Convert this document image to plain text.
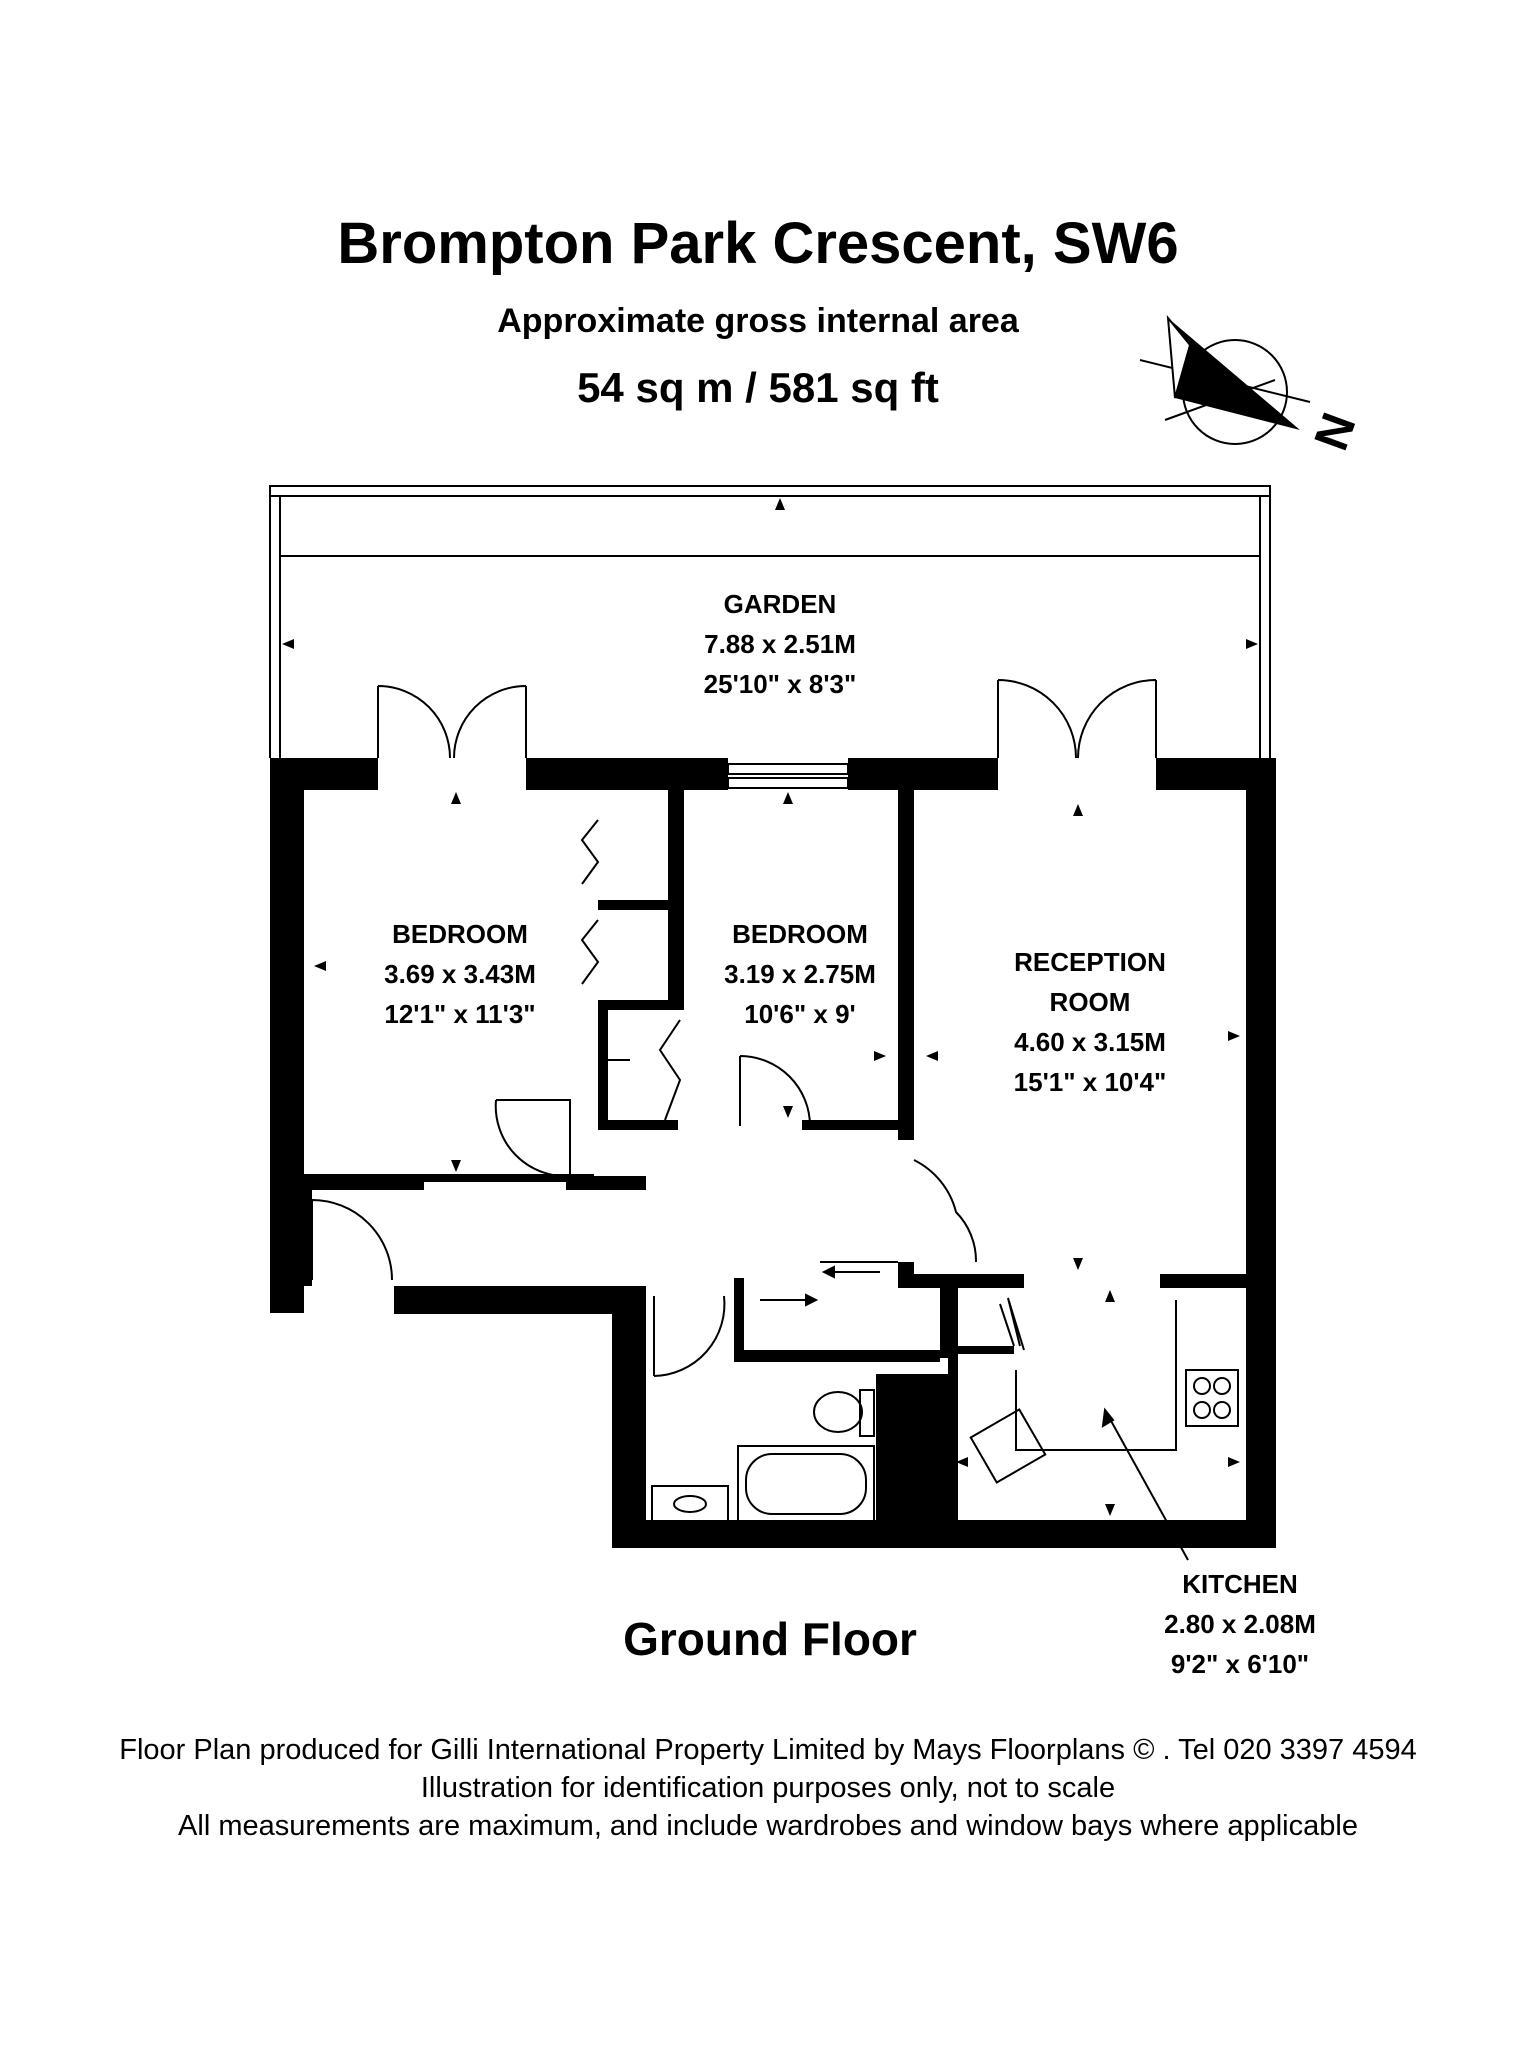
Brompton Park Crescent, SW6
Approximate gross internal area
54 sq m / 581 sq ft
N
GARDEN
7.88 x 2.51M
25'10" x 8'3"
BEDROOM
3.69 x 3.43M
12'1" x 11'3"
BEDROOM
3.19 x 2.75M
10'6" x 9'
RECEPTION
ROOM
4.60 x 3.15M
15'1" x 10'4"
KITCHEN
2.80 x 2.08M
9'2" x 6'10"
Ground Floor
Floor Plan produced for Gilli International Property Limited by Mays Floorplans © . Tel 020 3397 4594
Illustration for identification purposes only, not to scale
All measurements are maximum, and include wardrobes and window bays where applicable
